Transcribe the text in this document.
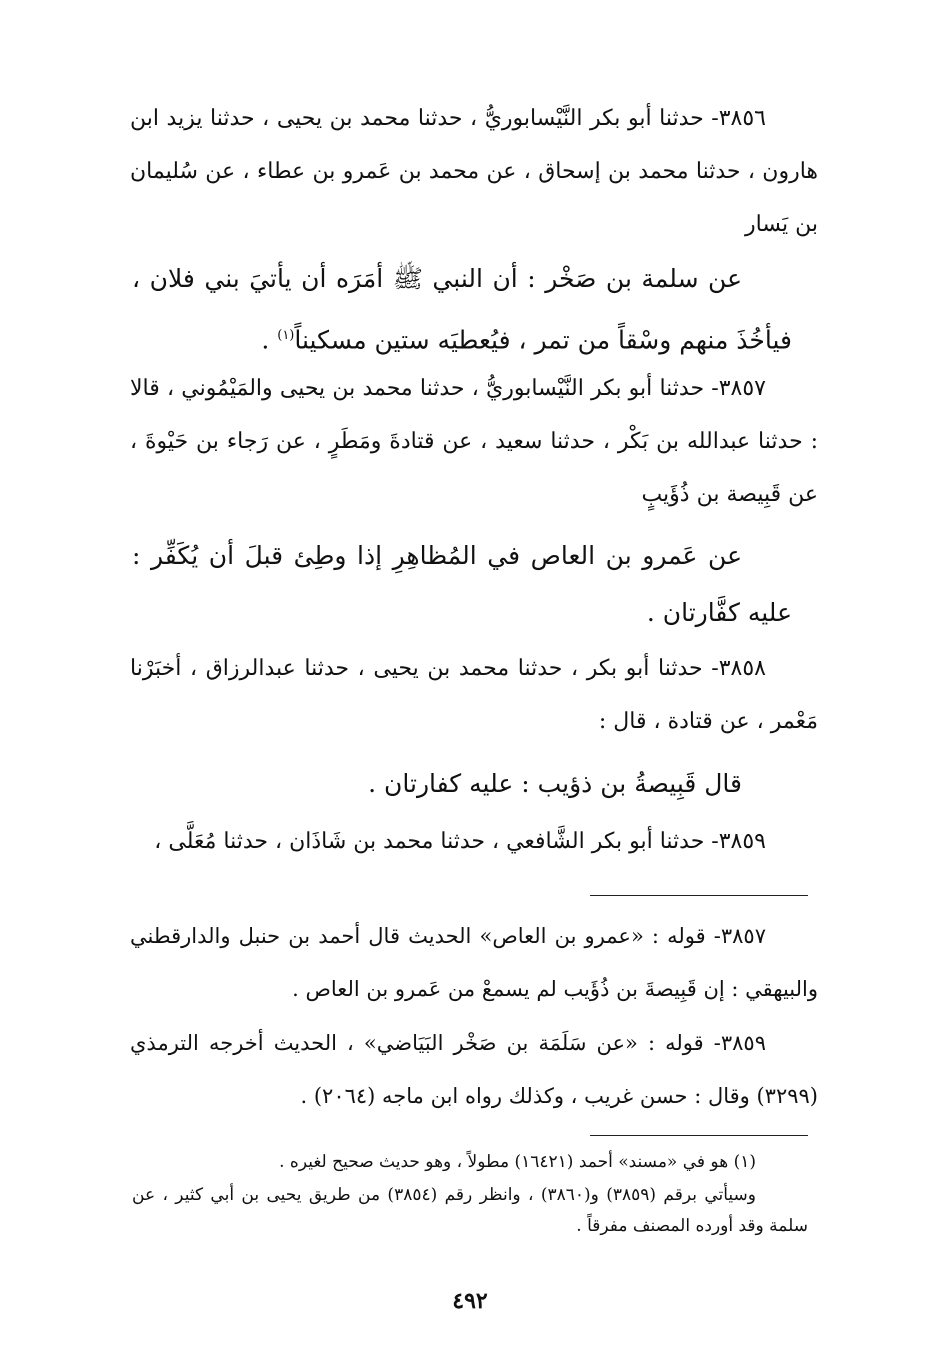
٣٨٥٦- حدثنا أبو بكر النَّيْسابوريُّ ، حدثنا محمد بن يحيى ، حدثنا يزيد ابن هارون ، حدثنا محمد بن إسحاق ، عن محمد بن عَمرو بن عطاء ، عن سُليمان بن يَسار

عن سلمة بن صَخْر : أن النبي ﷺ أمَرَه أن يأتيَ بني فلان ، فيأخُذَ منهم وسْقاً من تمر ، فيُعطيَه ستين مسكيناً$^{(١)}$ .

٣٨٥٧- حدثنا أبو بكر النَّيْسابوريُّ ، حدثنا محمد بن يحيى والمَيْمُوني ، قالا : حدثنا عبدالله بن بَكْر ، حدثنا سعيد ، عن قتادةَ ومَطَرٍ ، عن رَجاء بن حَيْوةَ ، عن قَبِيصة بن ذُؤَيبٍ

عن عَمرو بن العاص في المُظاهِرِ إذا وطِئ قبلَ أن يُكَفِّر : عليه كفَّارتان .

٣٨٥٨- حدثنا أبو بكر ، حدثنا محمد بن يحيى ، حدثنا عبدالرزاق ، أخبَرْنا مَعْمر ، عن قتادة ، قال :

قال قَبِيصةُ بن ذؤيب : عليه كفارتان .

٣٨٥٩- حدثنا أبو بكر الشَّافعي ، حدثنا محمد بن شَاذَان ، حدثنا مُعَلَّى ،

٣٨٥٧- قوله : «عمرو بن العاص» الحديث قال أحمد بن حنبل والدارقطني والبيهقي : إن قَبِيصةَ بن ذُؤَيب لم يسمعْ من عَمرو بن العاص .

٣٨٥٩- قوله : «عن سَلَمَة بن صَخْر البَيَاضي» ، الحديث أخرجه الترمذي (٣٢٩٩) وقال : حسن غريب ، وكذلك رواه ابن ماجه (٢٠٦٤) .

(١) هو في «مسند» أحمد (١٦٤٢١) مطولاً ، وهو حديث صحيح لغيره .

وسيأتي برقم (٣٨٥٩) و(٣٨٦٠) ، وانظر رقم (٣٨٥٤) من طريق يحيى بن أبي كثير ، عن سلمة وقد أورده المصنف مفرقاً .

٤٩٢
